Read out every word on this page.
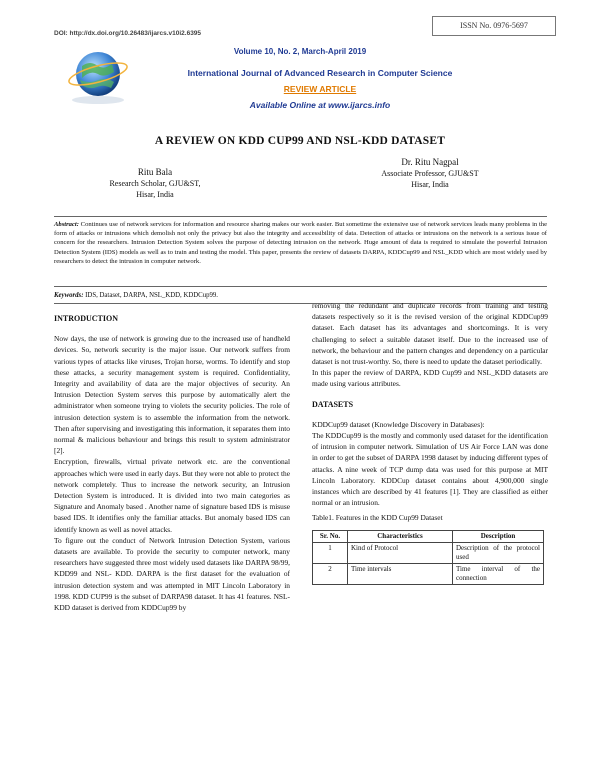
DOI: http://dx.doi.org/10.26483/ijarcs.v10i2.6395
ISSN No. 0976-5697
Volume 10, No. 2, March-April 2019
International Journal of Advanced Research in Computer Science
REVIEW ARTICLE
Available Online at www.ijarcs.info
A REVIEW ON KDD CUP99 AND NSL-KDD DATASET
Ritu Bala
Research Scholar, GJU&ST,
Hisar, India
Dr. Ritu Nagpal
Associate Professor, GJU&ST
Hisar, India
Abstract: Continues use of network services for information and resource sharing makes our work easier. But sometime the extensive use of network services leads many problems in the form of attacks or intrusions which demolish not only the privacy but also the integrity and accessibility of data. Detection of attacks or intrusions on the network is a serious issue of concern for the researchers. Intrusion Detection System solves the purpose of detecting intrusion on the network. Huge amount of data is required to simulate the powerful Intrusion Detection System (IDS) models as well as to train and testing the model. This paper, presents the review of datasets DARPA, KDDCup99 and NSL_KDD which are most widely used by researchers to detect the intrusion in computer network.
Keywords: IDS, Dataset, DARPA, NSL_KDD, KDDCup99.

INTRODUCTION

Now days, the use of network is growing due to the increased use of handheld devices. So, network security is the major issue. Our network suffers from various types of attacks like viruses, Trojan horse, worms. To identify and stop these attacks, a security management system is required. Confidentiality, Integrity and availability of data are the major objectives of security. An Intrusion Detection System serves this purpose by automatically alert the administrator when someone trying to violets the security policies. The role of intrusion detection system is to assemble the information from the network. Then after supervising and investigating this information, it separates them into normal & malicious behaviour and brings this result to system administrator [2].

Encryption, firewalls, virtual private network etc. are the conventional approaches which were used in early days. But they were not able to protect the network completely. Thus to increase the network security, an Intrusion Detection System is introduced. It is divided into two main categories as Signature and Anomaly based . Another name of signature based IDS is misuse based IDS. It identifies only the familiar attacks. But anomaly based IDS can identify known as well as novel attacks.

To figure out the conduct of Network Intrusion Detection System, various datasets are available. To provide the security to computer network, many researchers have suggested three most widely used datasets like DARPA 98/99, KDD99 and NSL- KDD. DARPA is the first dataset for the evaluation of intrusion detection system and was attempted in MIT Lincoln Laboratory in 1998. KDD CUP99 is the subset of DARPA98 dataset. It has 41 features. NSL-KDD dataset is derived from KDDCup99 by

removing the redundant and duplicate records from training and testing datasets respectively so it is the revised version of the original KDDCup99 dataset. Each dataset has its advantages and shortcomings. It is very challenging to select a suitable dataset itself. Due to the increased use of network, the behaviour and the pattern changes and dependency on a particular dataset is not trust-worthy. So, there is need to update the dataset periodically.

In this paper the review of DARPA, KDD Cup99 and NSL_KDD datasets are made using various attributes.

DATASETS

KDDCup99 dataset (Knowledge Discovery in Databases):

The KDDCup99 is the mostly and commonly used dataset for the identification of intrusion in computer network. Simulation of US Air Force LAN was done in order to get the subset of DARPA 1998 dataset by inducing different types of attacks. A nine week of TCP dump data was used for this purpose at MIT Lincoln Laboratory. KDDCup dataset contains about 4,900,000 single instances which are described by 41 features [1]. They are classified as either normal or an intrusion.

Table1. Features in the KDD Cup99 Dataset

Sr. No.	Characteristics	Description
1	Kind of Protocol	Description of the protocol used
2	Time intervals	Time interval of the connection
